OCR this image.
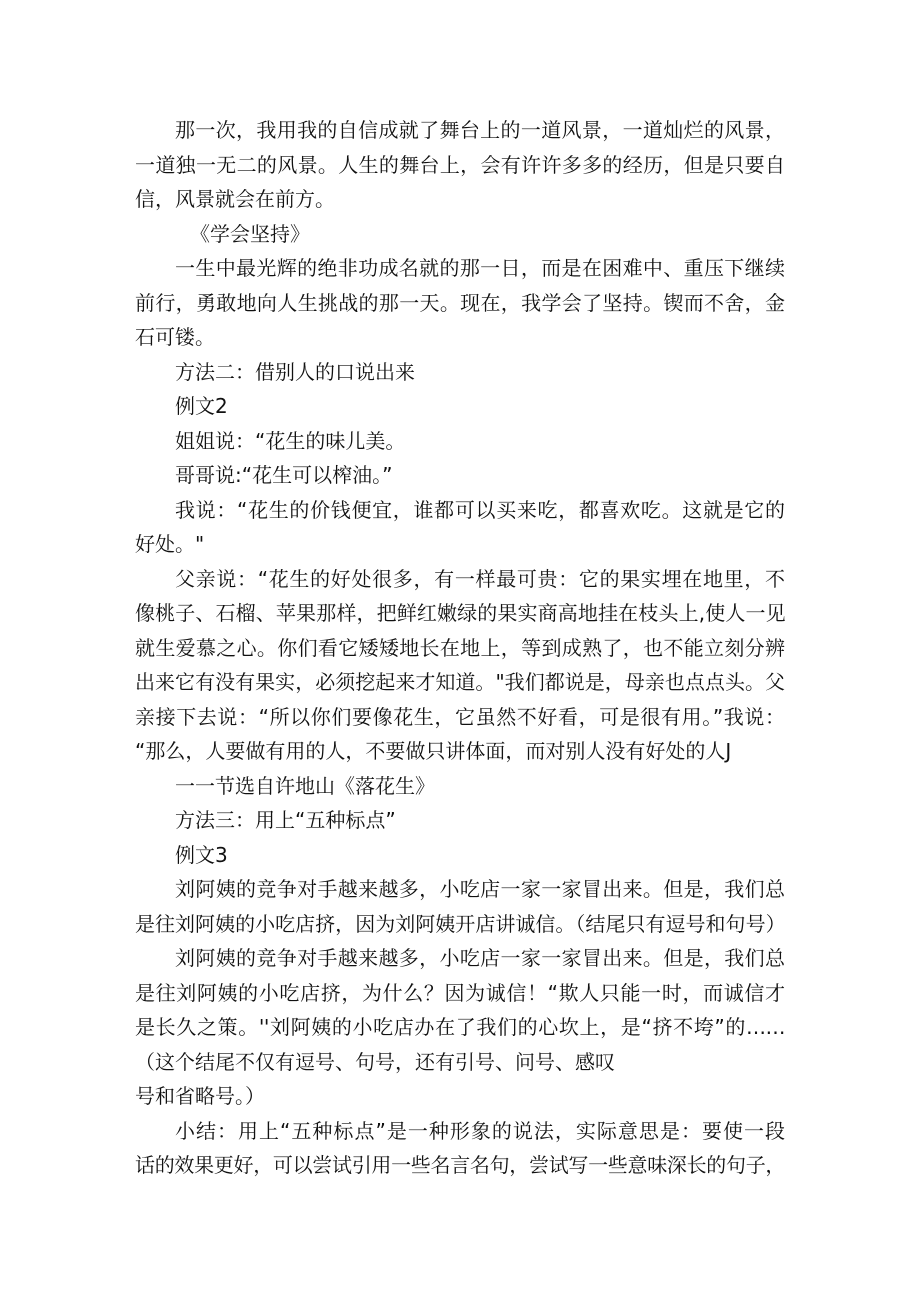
那一次，我用我的自信成就了舞台上的一道风景，一道灿烂的风景，
一道独一无二的风景。人生的舞台上，会有许许多多的经历，但是只要自
信，风景就会在前方。

《学会坚持》

一生中最光辉的绝非功成名就的那一日，而是在困难中、重压下继续
前行，勇敢地向人生挑战的那一天。现在，我学会了坚持。锲而不舍，金
石可镂。

方法二：借别人的口说出来

例文2

姐姐说：“花生的味儿美。

哥哥说:“花生可以榨油。”

我说：“花生的价钱便宜，谁都可以买来吃，都喜欢吃。这就是它的
好处。"

父亲说：“花生的好处很多，有一样最可贵：它的果实埋在地里，不
像桃子、石榴、苹果那样，把鲜红嫩绿的果实商高地挂在枝头上,使人一见
就生爱慕之心。你们看它矮矮地长在地上，等到成熟了，也不能立刻分辨
出来它有没有果实，必须挖起来才知道。"我们都说是，母亲也点点头。父
亲接下去说：“所以你们要像花生，它虽然不好看，可是很有用。”我说：
“那么，人要做有用的人，不要做只讲体面，而对别人没有好处的人J

一一节选自许地山《落花生》

方法三：用上“五种标点”

例文3

刘阿姨的竞争对手越来越多，小吃店一家一家冒出来。但是，我们总
是往刘阿姨的小吃店挤，因为刘阿姨开店讲诚信。（结尾只有逗号和句号）

刘阿姨的竞争对手越来越多，小吃店一家一家冒出来。但是，我们总
是往刘阿姨的小吃店挤，为什么？因为诚信！“欺人只能一时，而诚信才
是长久之策。''刘阿姨的小吃店办在了我们的心坎上，是“挤不垮”的……
（这个结尾不仅有逗号、句号，还有引号、问号、感叹
号和省略号。）

小结：用上“五种标点”是一种形象的说法，实际意思是：要使一段
话的效果更好，可以尝试引用一些名言名句，尝试写一些意味深长的句子，
